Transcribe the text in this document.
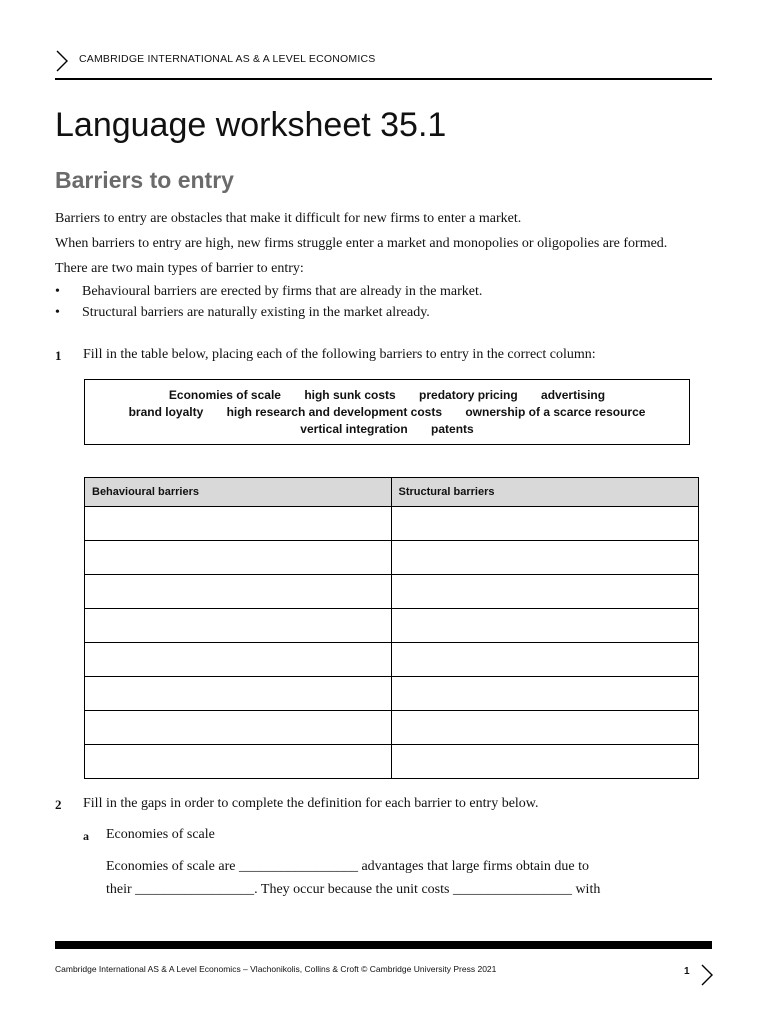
CAMBRIDGE INTERNATIONAL AS & A LEVEL ECONOMICS
Language worksheet 35.1
Barriers to entry
Barriers to entry are obstacles that make it difficult for new firms to enter a market.
When barriers to entry are high, new firms struggle enter a market and monopolies or oligopolies are formed.
There are two main types of barrier to entry:
• Behavioural barriers are erected by firms that are already in the market.
• Structural barriers are naturally existing in the market already.
1 Fill in the table below, placing each of the following barriers to entry in the correct column:
Economies of scale high sunk costs predatory pricing advertising
brand loyalty high research and development costs ownership of a scarce resource
vertical integration patents
Behavioural barriers	Structural barriers

2 Fill in the gaps in order to complete the definition for each barrier to entry below.
a Economies of scale
Economies of scale are _________________ advantages that large firms obtain due to
their _________________. They occur because the unit costs _________________ with
Cambridge International AS & A Level Economics – Vlachonikolis, Collins & Croft © Cambridge University Press 2021	1
